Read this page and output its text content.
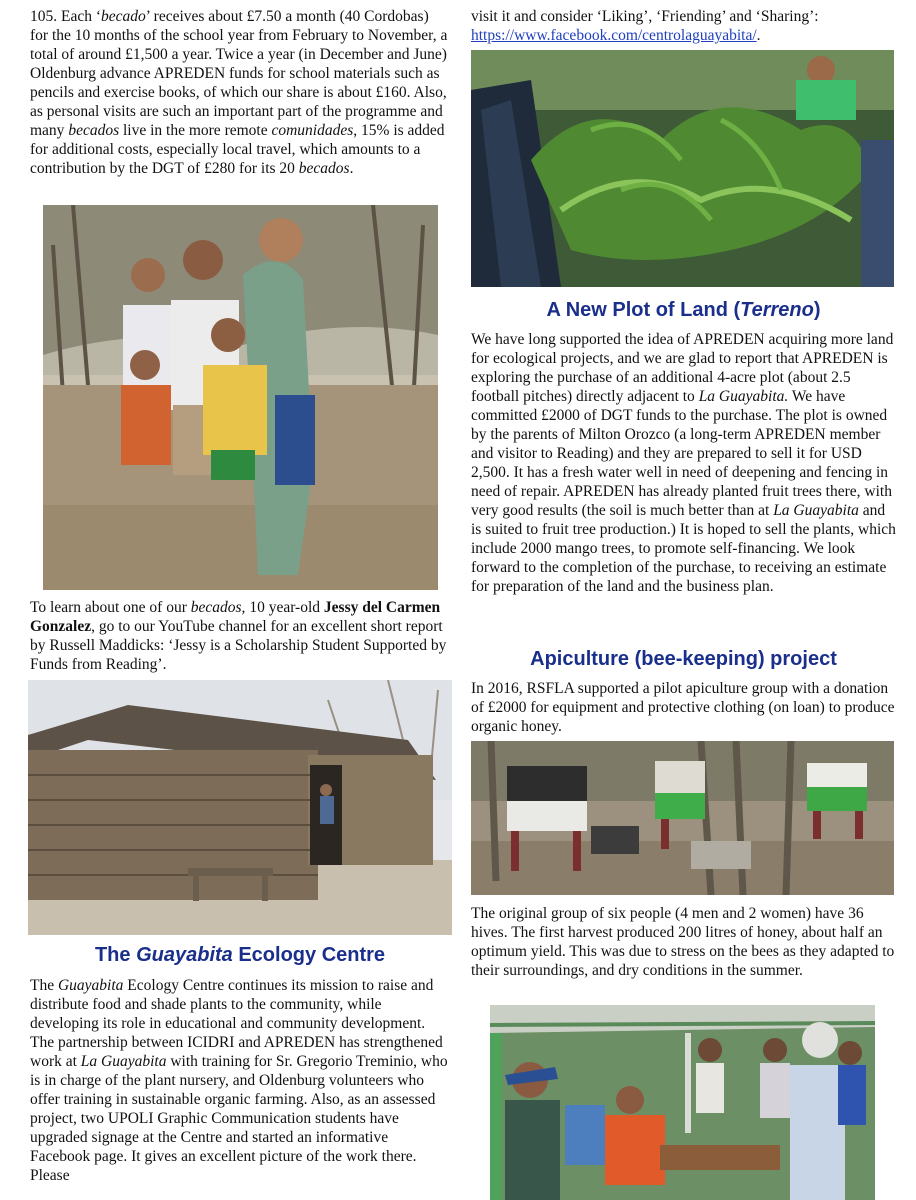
105. Each ‘becado’ receives about £7.50 a month (40 Cordobas) for the 10 months of the school year from February to November, a total of around £1,500 a year. Twice a year (in December and June) Oldenburg advance APREDEN funds for school materials such as pencils and exercise books, of which our share is about £160. Also, as personal visits are such an important part of the programme and many becados live in the more remote comunidades, 15% is added for additional costs, especially local travel, which amounts to a contribution by the DGT of £280 for its 20 becados.

To learn about one of our becados, 10 year-old Jessy del Carmen Gonzalez, go to our YouTube channel for an excellent short report by Russell Maddicks: ‘Jessy is a Scholarship Student Supported by Funds from Reading’.

The Guayabita Ecology Centre

The Guayabita Ecology Centre continues its mission to raise and distribute food and shade plants to the community, while developing its role in educational and community development. The partnership between ICIDRI and APREDEN has strengthened work at La Guayabita with training for Sr. Gregorio Treminio, who is in charge of the plant nursery, and Oldenburg volunteers who offer training in sustainable organic farming. Also, as an assessed project, two UPOLI Graphic Communication students have upgraded signage at the Centre and started an informative Facebook page. It gives an excellent picture of the work there. Please

visit it and consider ‘Liking’, ‘Friending’ and ‘Sharing’:
https://www.facebook.com/centrolaguayabita/.

A New Plot of Land (Terreno)

We have long supported the idea of APREDEN acquiring more land for ecological projects, and we are glad to report that APREDEN is exploring the purchase of an additional 4-acre plot (about 2.5 football pitches) directly adjacent to La Guayabita. We have committed £2000 of DGT funds to the purchase. The plot is owned by the parents of Milton Orozco (a long-term APREDEN member and visitor to Reading) and they are prepared to sell it for USD 2,500. It has a fresh water well in need of deepening and fencing in need of repair. APREDEN has already planted fruit trees there, with very good results (the soil is much better than at La Guayabita and is suited to fruit tree production.) It is hoped to sell the plants, which include 2000 mango trees, to promote self-financing. We look forward to the completion of the purchase, to receiving an estimate for preparation of the land and the business plan.

Apiculture (bee-keeping) project

In 2016, RSFLA supported a pilot apiculture group with a donation of £2000 for equipment and protective clothing (on loan) to produce organic honey.

The original group of six people (4 men and 2 women) have 36 hives. The first harvest produced 200 litres of honey, about half an optimum yield. This was due to stress on the bees as they adapted to their surroundings, and dry conditions in the summer.
